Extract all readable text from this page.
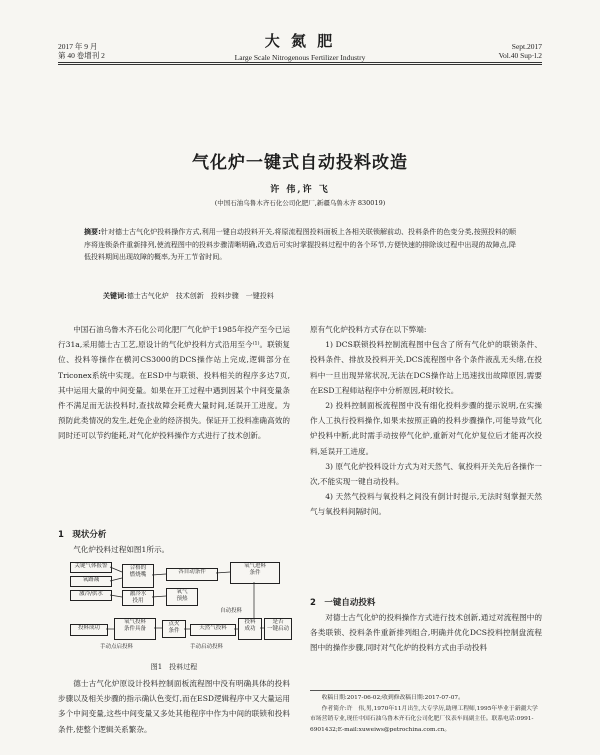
2017 年 9 月
第 40 卷增刊 2
大 氮 肥
Large Scale Nitrogenous Fertilizer Industry
Sept.2017
Vol.40 Sup·l.2
气化炉一键式自动投料改造
许 伟,许 飞
(中国石油乌鲁木齐石化公司化肥厂,新疆乌鲁木齐 830019)
摘要:针对德士古气化炉投料操作方式,利用一键自动投料开关,将原流程图投料面板上各相关联锁解前动、投料条件的色变分类,按照投料的顺序将连锁条件重新排列,使流程图中的投料步骤清晰明确,改造后可实时掌握投料过程中的各个环节,方便快速的排除该过程中出现的故障点,降低投料期间出现故障的概率,为开工节省时间。
关键词:德士古气化炉　技术创新　投料步骤　一键投料

中国石油乌鲁木齐石化公司化肥厂气化炉于1985年投产至今已运行31a,采用德士古工艺,原设计的气化炉投料方式沿用至今⁽¹⁾。联锁复位、投料等操作在横河CS3000的DCS操作站上完成,逻辑部分在Triconex系统中实现。在ESD中与联锁、投料相关的程序多达7页,其中运用大量的中间变量。如果在开工过程中遇到因某个中间变量条件不满足而无法投料时,查找故障会耗费大量时间,延误开工进度。为预防此类情况的发生,赶免企业的经济损失。保证开工投料准确高效的同时还可以节约能耗,对气化炉投料操作方式进行了技术创新。

1　现状分析

气化炉投料过程如图1所示。

关键气体报警
氧路减
激冷/供水
合格的
燃烧嘴	各自动条件
氧气进料
条件
激冷水
投用
氧气
预热
投料成功
氧气投料
条件具备
点火
条件	天然气投料
投料
成功
是否
一键启动
手动点启投料	手动启动投料
自动投料
图1　投料过程

德士古气化炉原设计投料控制面板流程图中没有明确具体的投料步骤以及相关步骤的指示确认色变灯,而在ESD逻辑程序中又大量运用多个中间变量,这些中间变量又多处其他程序中作为中间的联锁和投料条件,使整个逻辑关系繁杂。

原有气化炉投料方式存在以下弊端:

1) DCS联锁投料控制流程图中包含了所有气化炉的联锁条件、投料条件、排放及投料开关,DCS流程图中各个条件液乱无头绪,在投料中一旦出现异常状况,无法在DCS操作站上迅速找出故障原因,需要在ESD工程师站程序中分析原因,耗时较长。

2) 投料控制面板流程图中没有细化投料步骤的提示说明,在实操作人工执行投料操作,如果未按照正确的投料步骤操作,可能导致气化炉投料中断,此时需手动按停气化炉,重新对气化炉复位后才能再次投料,延误开工进度。

3) 原气化炉投料设计方式为对天然气、氧投料开关先后各操作一次,不能实现一键自动投料。

4) 天然气投料与氧投料之间没有倒计时提示,无法时刻掌握天然气与氧投料间隔时间。

2　一键自动投料

对德士古气化炉的投料操作方式进行技术创新,通过对流程图中的各类联锁、投料条件重新排列组合,明确并优化DCS投料控制盘流程图中的操作步骤,同时对气化炉的投料方式由手动投料

收稿日期:2017-06-02;收到修改稿日期:2017-07-07。
作者简介:许　伟,男,1970年11月出生,大专学历,助理工程师,1995年毕业于新疆大学市场营销专业,现任中国石油乌鲁木齐石化公司化肥厂仪表车间副主任。联系电话:0991-6901432;E-mail:xuweiws@petrochina.com.cn。
